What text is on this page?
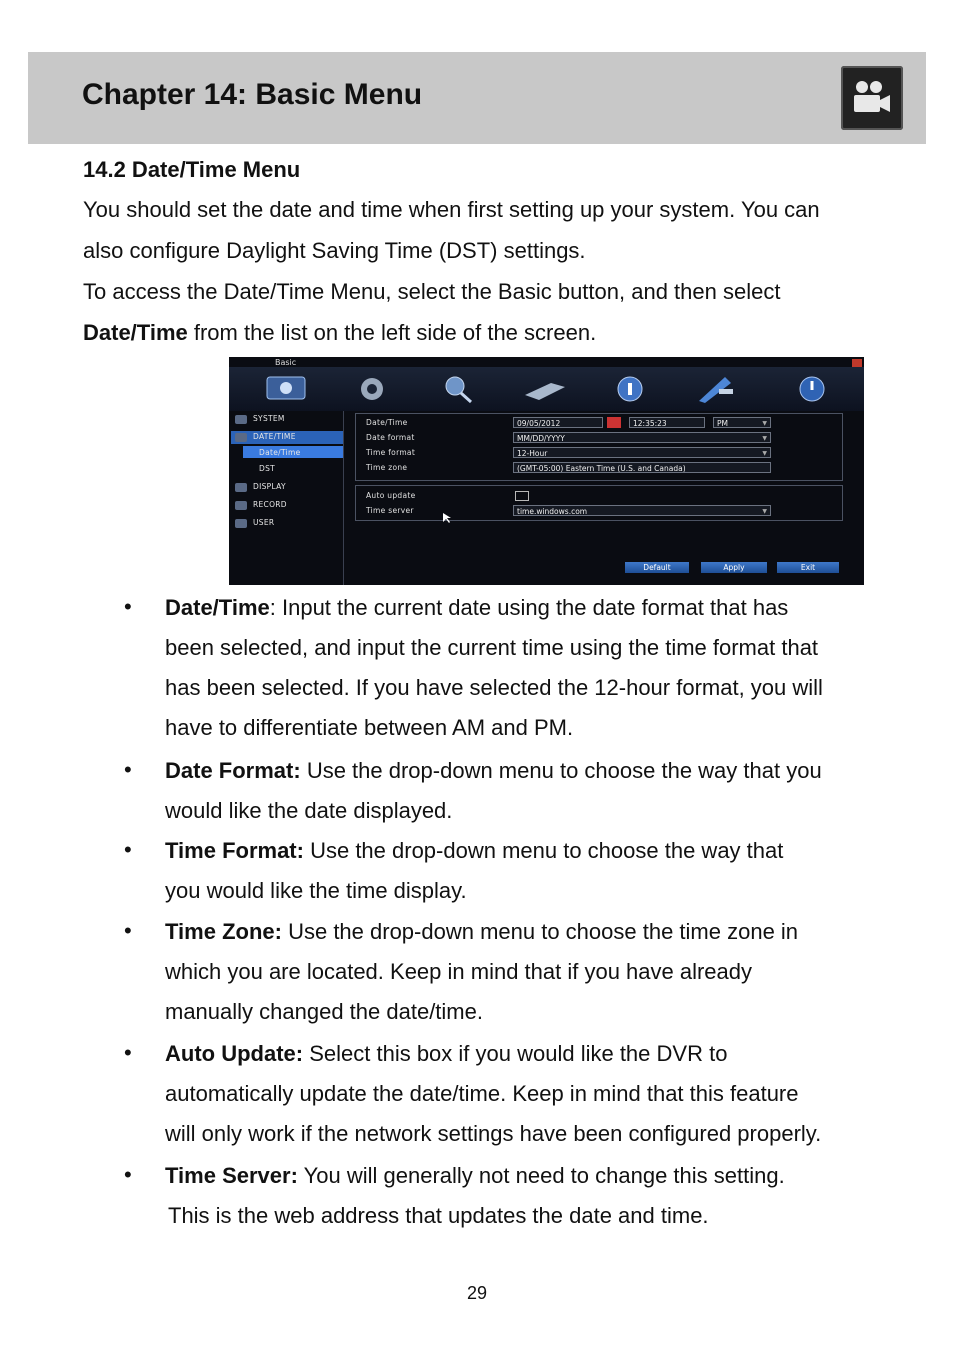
Chapter 14: Basic Menu
14.2 Date/Time Menu
You should set the date and time when first setting up your system. You can
also configure Daylight Saving Time (DST) settings.
To access the Date/Time Menu, select the Basic button, and then select
Date/Time from the list on the left side of the screen.
Basic
SYSTEM
DATE/TIME
Date/Time
DST
DISPLAY
RECORD
USER
Date/Time	09/05/2012	12:35:23	PM	▼
Date format	MM/DD/YYYY	▼
Time format	12-Hour	▼
Time zone	(GMT-05:00) Eastern Time (U.S. and Canada)
Auto update
Time server	time.windows.com	▼
Default	Apply	Exit
• Date/Time: Input the current date using the date format that has
been selected, and input the current time using the time format that
has been selected. If you have selected the 12-hour format, you will
have to differentiate between AM and PM.
• Date Format: Use the drop-down menu to choose the way that you
would like the date displayed.
• Time Format: Use the drop-down menu to choose the way that
you would like the time display.
• Time Zone: Use the drop-down menu to choose the time zone in
which you are located. Keep in mind that if you have already
manually changed the date/time.
• Auto Update: Select this box if you would like the DVR to
automatically update the date/time. Keep in mind that this feature
will only work if the network settings have been configured properly.
• Time Server: You will generally not need to change this setting.
This is the web address that updates the date and time.
29
